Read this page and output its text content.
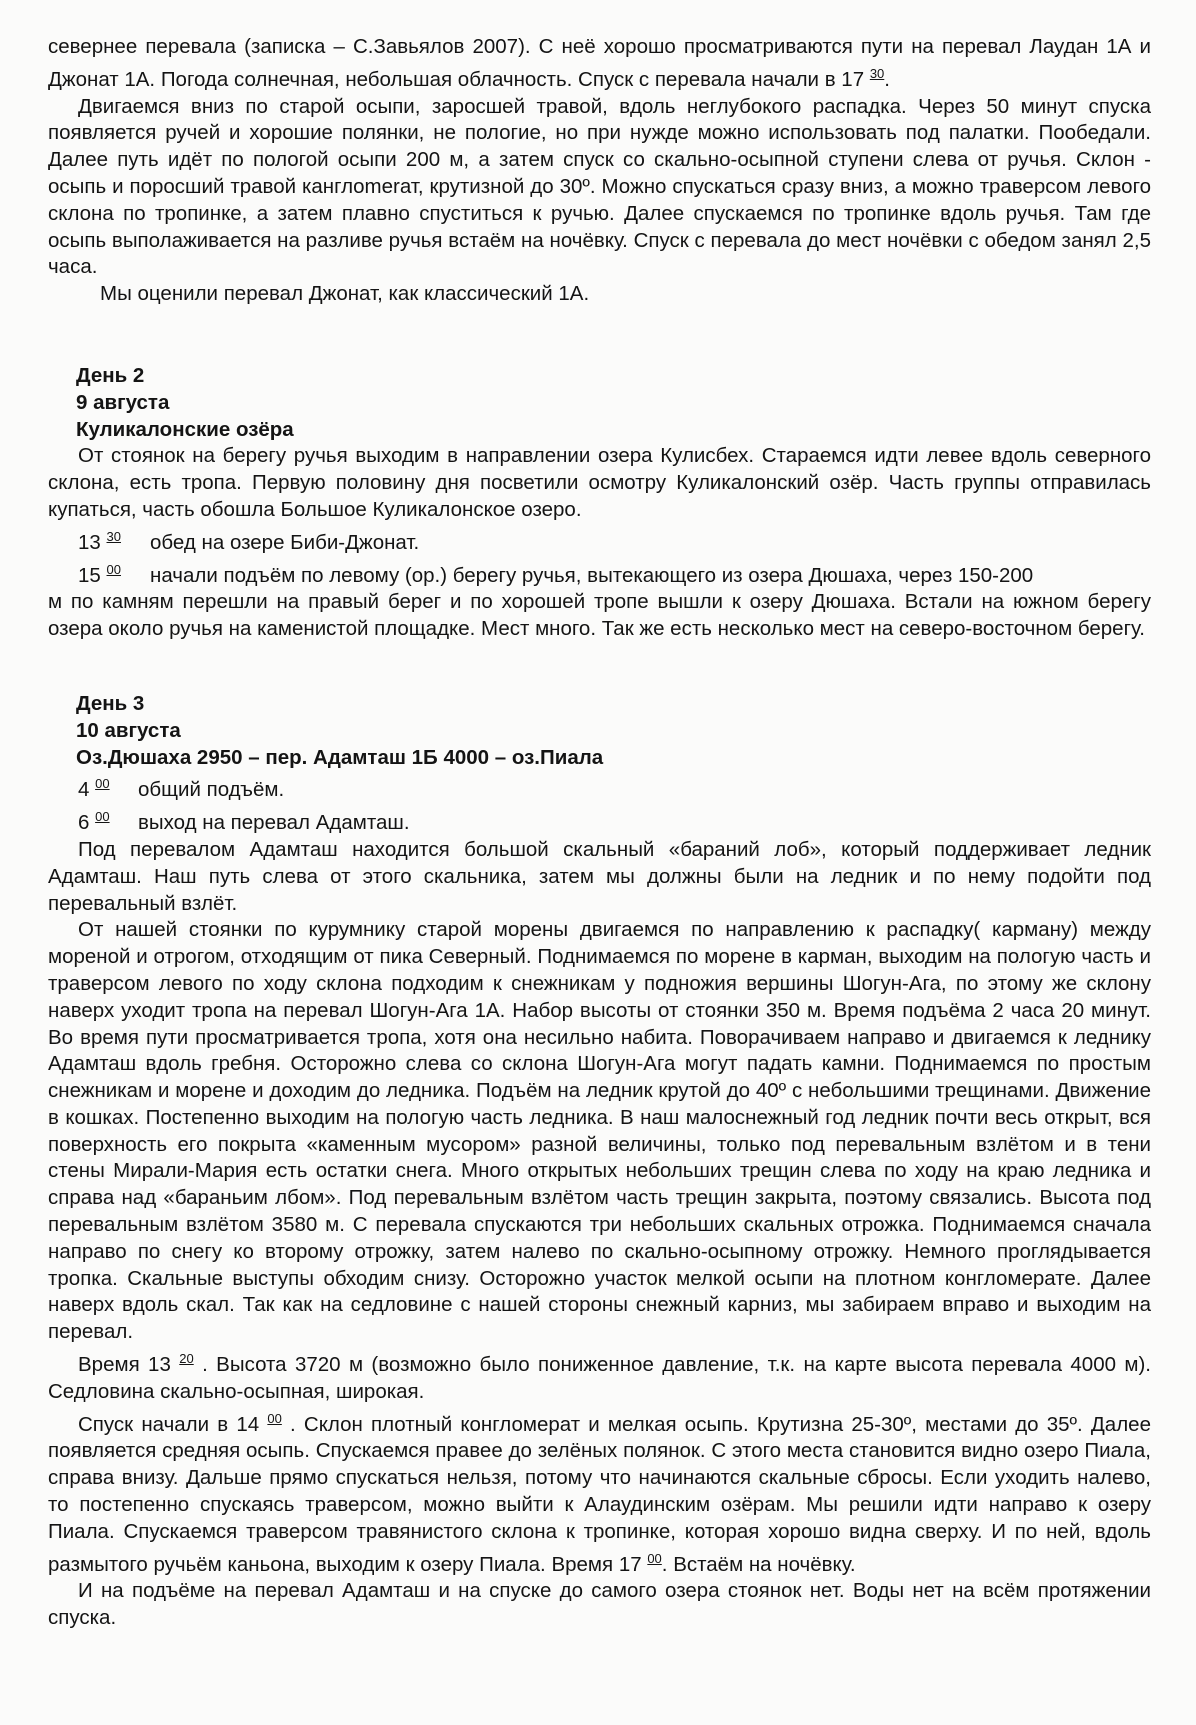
севернее перевала (записка – С.Завьялов 2007). С неё хорошо просматриваются пути на перевал Лаудан 1А и Джонат 1А. Погода солнечная, небольшая облачность. Спуск с перевала начали в 17 $^{30}$.

Двигаемся вниз по старой осыпи, заросшей травой, вдоль неглубокого распадка. Через 50 минут спуска появляется ручей и хорошие полянки, не пологие, но при нужде можно использовать под палатки. Пообедали. Далее путь идёт по пологой осыпи 200 м, а затем спуск со скально-осыпной ступени слева от ручья. Склон - осыпь и поросший травой канглomerат, крутизной до 30º. Можно спускаться сразу вниз, а можно траверсом левого склона по тропинке, а затем плавно спуститься к ручью. Далее спускаемся по тропинке вдоль ручья. Там где осыпь выполаживается на разливе ручья встаём на ночёвку. Спуск с перевала до мест ночёвки с обедом занял 2,5 часа.

Мы оценили перевал Джонат, как классический 1А.

День 2

9 августа

Куликалонские озёра

От стоянок на берегу ручья выходим в направлении озера Кулисбех. Стараемся идти левее вдоль северного склона, есть тропа. Первую половину дня посветили осмотру Куликалонский озёр. Часть группы отправилась купаться, часть обошла Большое Куликалонское озеро.

13 $^{30}$ обед на озере Биби-Джонат.

15 $^{00}$ начали подъём по левому (ор.) берегу ручья, вытекающего из озера Дюшаха, через 150-200

м по камням перешли на правый берег и по хорошей тропе вышли к озеру Дюшаха. Встали на южном берегу озера около ручья на каменистой площадке. Мест много. Так же есть несколько мест на северо-восточном берегу.

День 3

10 августа

Оз.Дюшаха 2950 – пер. Адамташ 1Б 4000 – оз.Пиала

4 $^{00}$ общий подъём.

6 $^{00}$ выход на перевал Адамташ.

Под перевалом Адамташ находится большой скальный «бараний лоб», который поддерживает ледник Адамташ. Наш путь слева от этого скальника, затем мы должны были на ледник и по нему подойти под перевальный взлёт.

От нашей стоянки по курумнику старой морены двигаемся по направлению к распадку( карману) между мореной и отрогом, отходящим от пика Северный. Поднимаемся по морене в карман, выходим на пологую часть и траверсом левого по ходу склона подходим к снежникам у подножия вершины Шогун-Ага, по этому же склону наверх уходит тропа на перевал Шогун-Ага 1А. Набор высоты от стоянки 350 м. Время подъёма 2 часа 20 минут. Во время пути просматривается тропа, хотя она несильно набита. Поворачиваем направо и двигаемся к леднику Адамташ вдоль гребня. Осторожно слева со склона Шогун-Ага могут падать камни. Поднимаемся по простым снежникам и морене и доходим до ледника. Подъём на ледник крутой до 40º с небольшими трещинами. Движение в кошках. Постепенно выходим на пологую часть ледника. В наш малоснежный год ледник почти весь открыт, вся поверхность его покрыта «каменным мусором» разной величины, только под перевальным взлётом и в тени стены Мирали-Мария есть остатки снега. Много открытых небольших трещин слева по ходу на краю ледника и справа над «бараньим лбом». Под перевальным взлётом часть трещин закрыта, поэтому связались. Высота под перевальным взлётом 3580 м. С перевала спускаются три небольших скальных отрожка. Поднимаемся сначала направо по снегу ко второму отрожку, затем налево по скально-осыпному отрожку. Немного проглядывается тропка. Скальные выступы обходим снизу. Осторожно участок мелкой осыпи на плотном конгломерате. Далее наверх вдоль скал. Так как на седловине с нашей стороны снежный карниз, мы забираем вправо и выходим на перевал.

Время 13 $^{20}$ . Высота 3720 м (возможно было пониженное давление, т.к. на карте высота перевала 4000 м). Седловина скально-осыпная, широкая.

Спуск начали в 14 $^{00}$ . Склон плотный конгломерат и мелкая осыпь. Крутизна 25-30º, местами до 35º. Далее появляется средняя осыпь. Спускаемся правее до зелёных полянок. С этого места становится видно озеро Пиала, справа внизу. Дальше прямо спускаться нельзя, потому что начинаются скальные сбросы. Если уходить налево, то постепенно спускаясь траверсом, можно выйти к Алаудинским озёрам. Мы решили идти направо к озеру Пиала. Спускаемся траверсом травянистого склона к тропинке, которая хорошо видна сверху. И по ней, вдоль размытого ручьём каньона, выходим к озеру Пиала. Время 17 $^{00}$. Встаём на ночёвку.

И на подъёме на перевал Адамташ и на спуске до самого озера стоянок нет. Воды нет на всём протяжении спуска.
